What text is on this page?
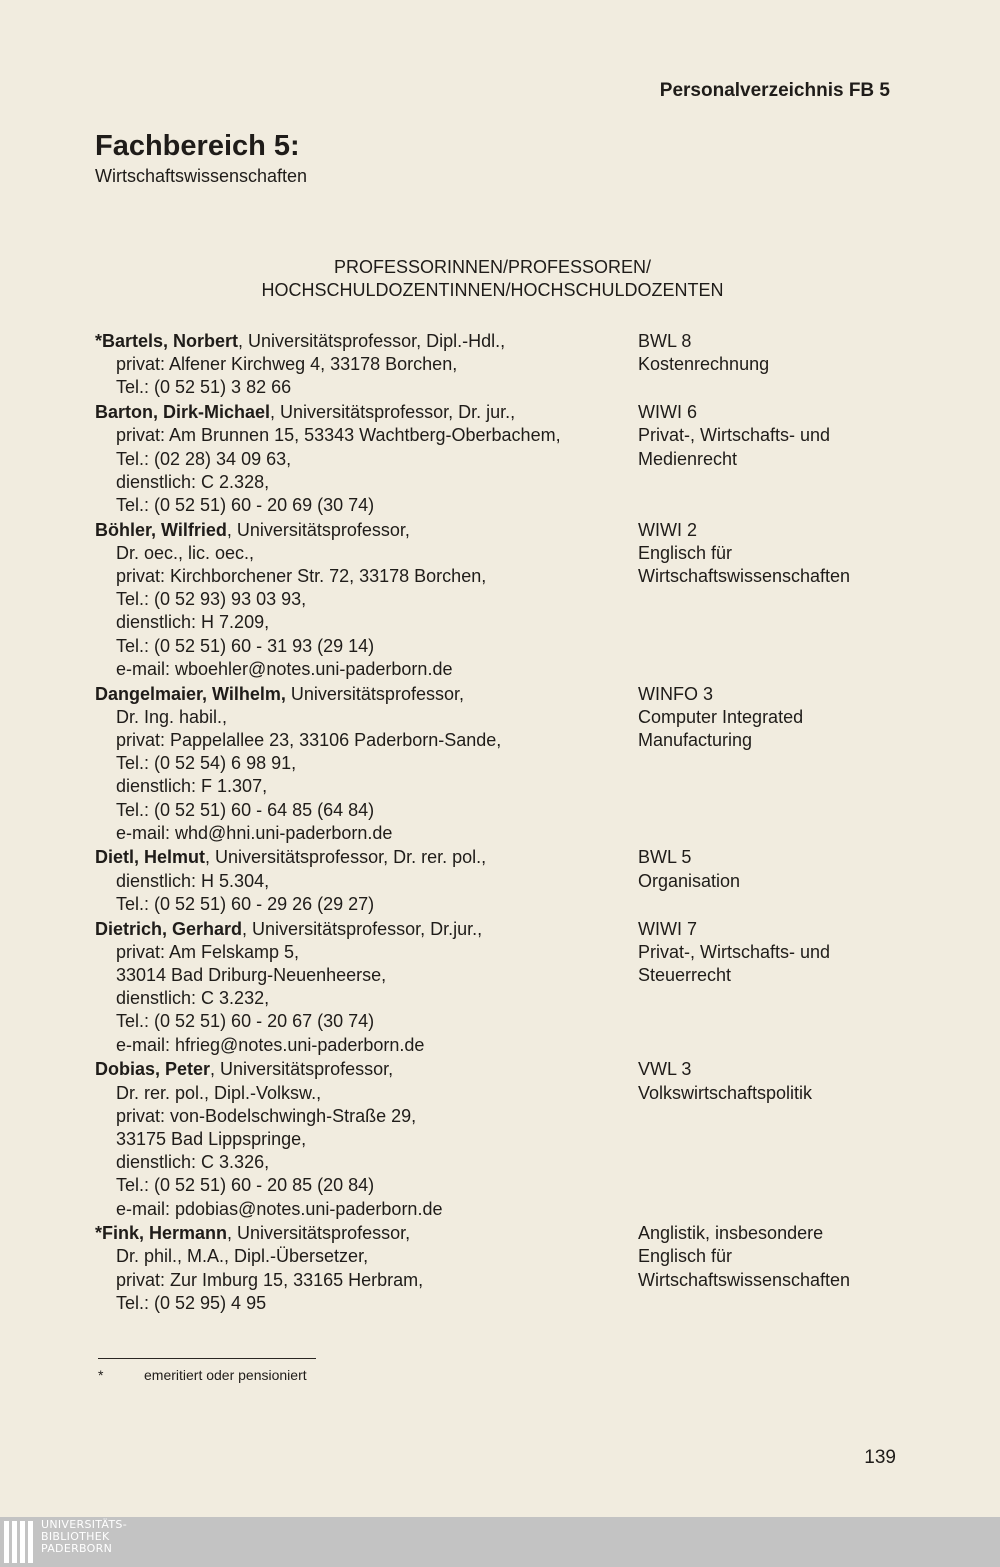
Personalverzeichnis FB 5
Fachbereich 5:
Wirtschaftswissenschaften
PROFESSORINNEN/PROFESSOREN/
HOCHSCHULDOZENTINNEN/HOCHSCHULDOZENTEN
*Bartels, Norbert, Universitätsprofessor, Dipl.-Hdl.,
privat: Alfener Kirchweg 4, 33178 Borchen,
Tel.: (0 52 51) 3 82 66
BWL 8
Kostenrechnung
Barton, Dirk-Michael, Universitätsprofessor, Dr. jur.,
privat: Am Brunnen 15, 53343 Wachtberg-Oberbachem,
Tel.: (02 28) 34 09 63,
dienstlich: C 2.328,
Tel.: (0 52 51) 60 - 20 69 (30 74)
WIWI 6
Privat-, Wirtschafts- und
Medienrecht
Böhler, Wilfried, Universitätsprofessor,
Dr. oec., lic. oec.,
privat: Kirchborchener Str. 72, 33178 Borchen,
Tel.: (0 52 93) 93 03 93,
dienstlich: H 7.209,
Tel.: (0 52 51) 60 - 31 93 (29 14)
e-mail: wboehler@notes.uni-paderborn.de
WIWI 2
Englisch für
Wirtschaftswissenschaften
Dangelmaier, Wilhelm, Universitätsprofessor,
Dr. Ing. habil.,
privat: Pappelallee 23, 33106 Paderborn-Sande,
Tel.: (0 52 54) 6 98 91,
dienstlich: F 1.307,
Tel.: (0 52 51) 60 - 64 85 (64 84)
e-mail: whd@hni.uni-paderborn.de
WINFO 3
Computer Integrated
Manufacturing
Dietl, Helmut, Universitätsprofessor, Dr. rer. pol.,
dienstlich: H 5.304,
Tel.: (0 52 51) 60 - 29 26 (29 27)
BWL 5
Organisation
Dietrich, Gerhard, Universitätsprofessor, Dr.jur.,
privat: Am Felskamp 5,
33014 Bad Driburg-Neuenheerse,
dienstlich: C 3.232,
Tel.: (0 52 51) 60 - 20 67 (30 74)
e-mail: hfrieg@notes.uni-paderborn.de
WIWI 7
Privat-, Wirtschafts- und
Steuerrecht
Dobias, Peter, Universitätsprofessor,
Dr. rer. pol., Dipl.-Volksw.,
privat: von-Bodelschwingh-Straße 29,
33175 Bad Lippspringe,
dienstlich: C 3.326,
Tel.: (0 52 51) 60 - 20 85 (20 84)
e-mail: pdobias@notes.uni-paderborn.de
VWL 3
Volkswirtschaftspolitik
*Fink, Hermann, Universitätsprofessor,
Dr. phil., M.A., Dipl.-Übersetzer,
privat: Zur Imburg 15, 33165 Herbram,
Tel.: (0 52 95) 4 95
Anglistik, insbesondere
Englisch für
Wirtschaftswissenschaften
*	emeritiert oder pensioniert
139
UNIVERSITÄTS-
BIBLIOTHEK
PADERBORN
